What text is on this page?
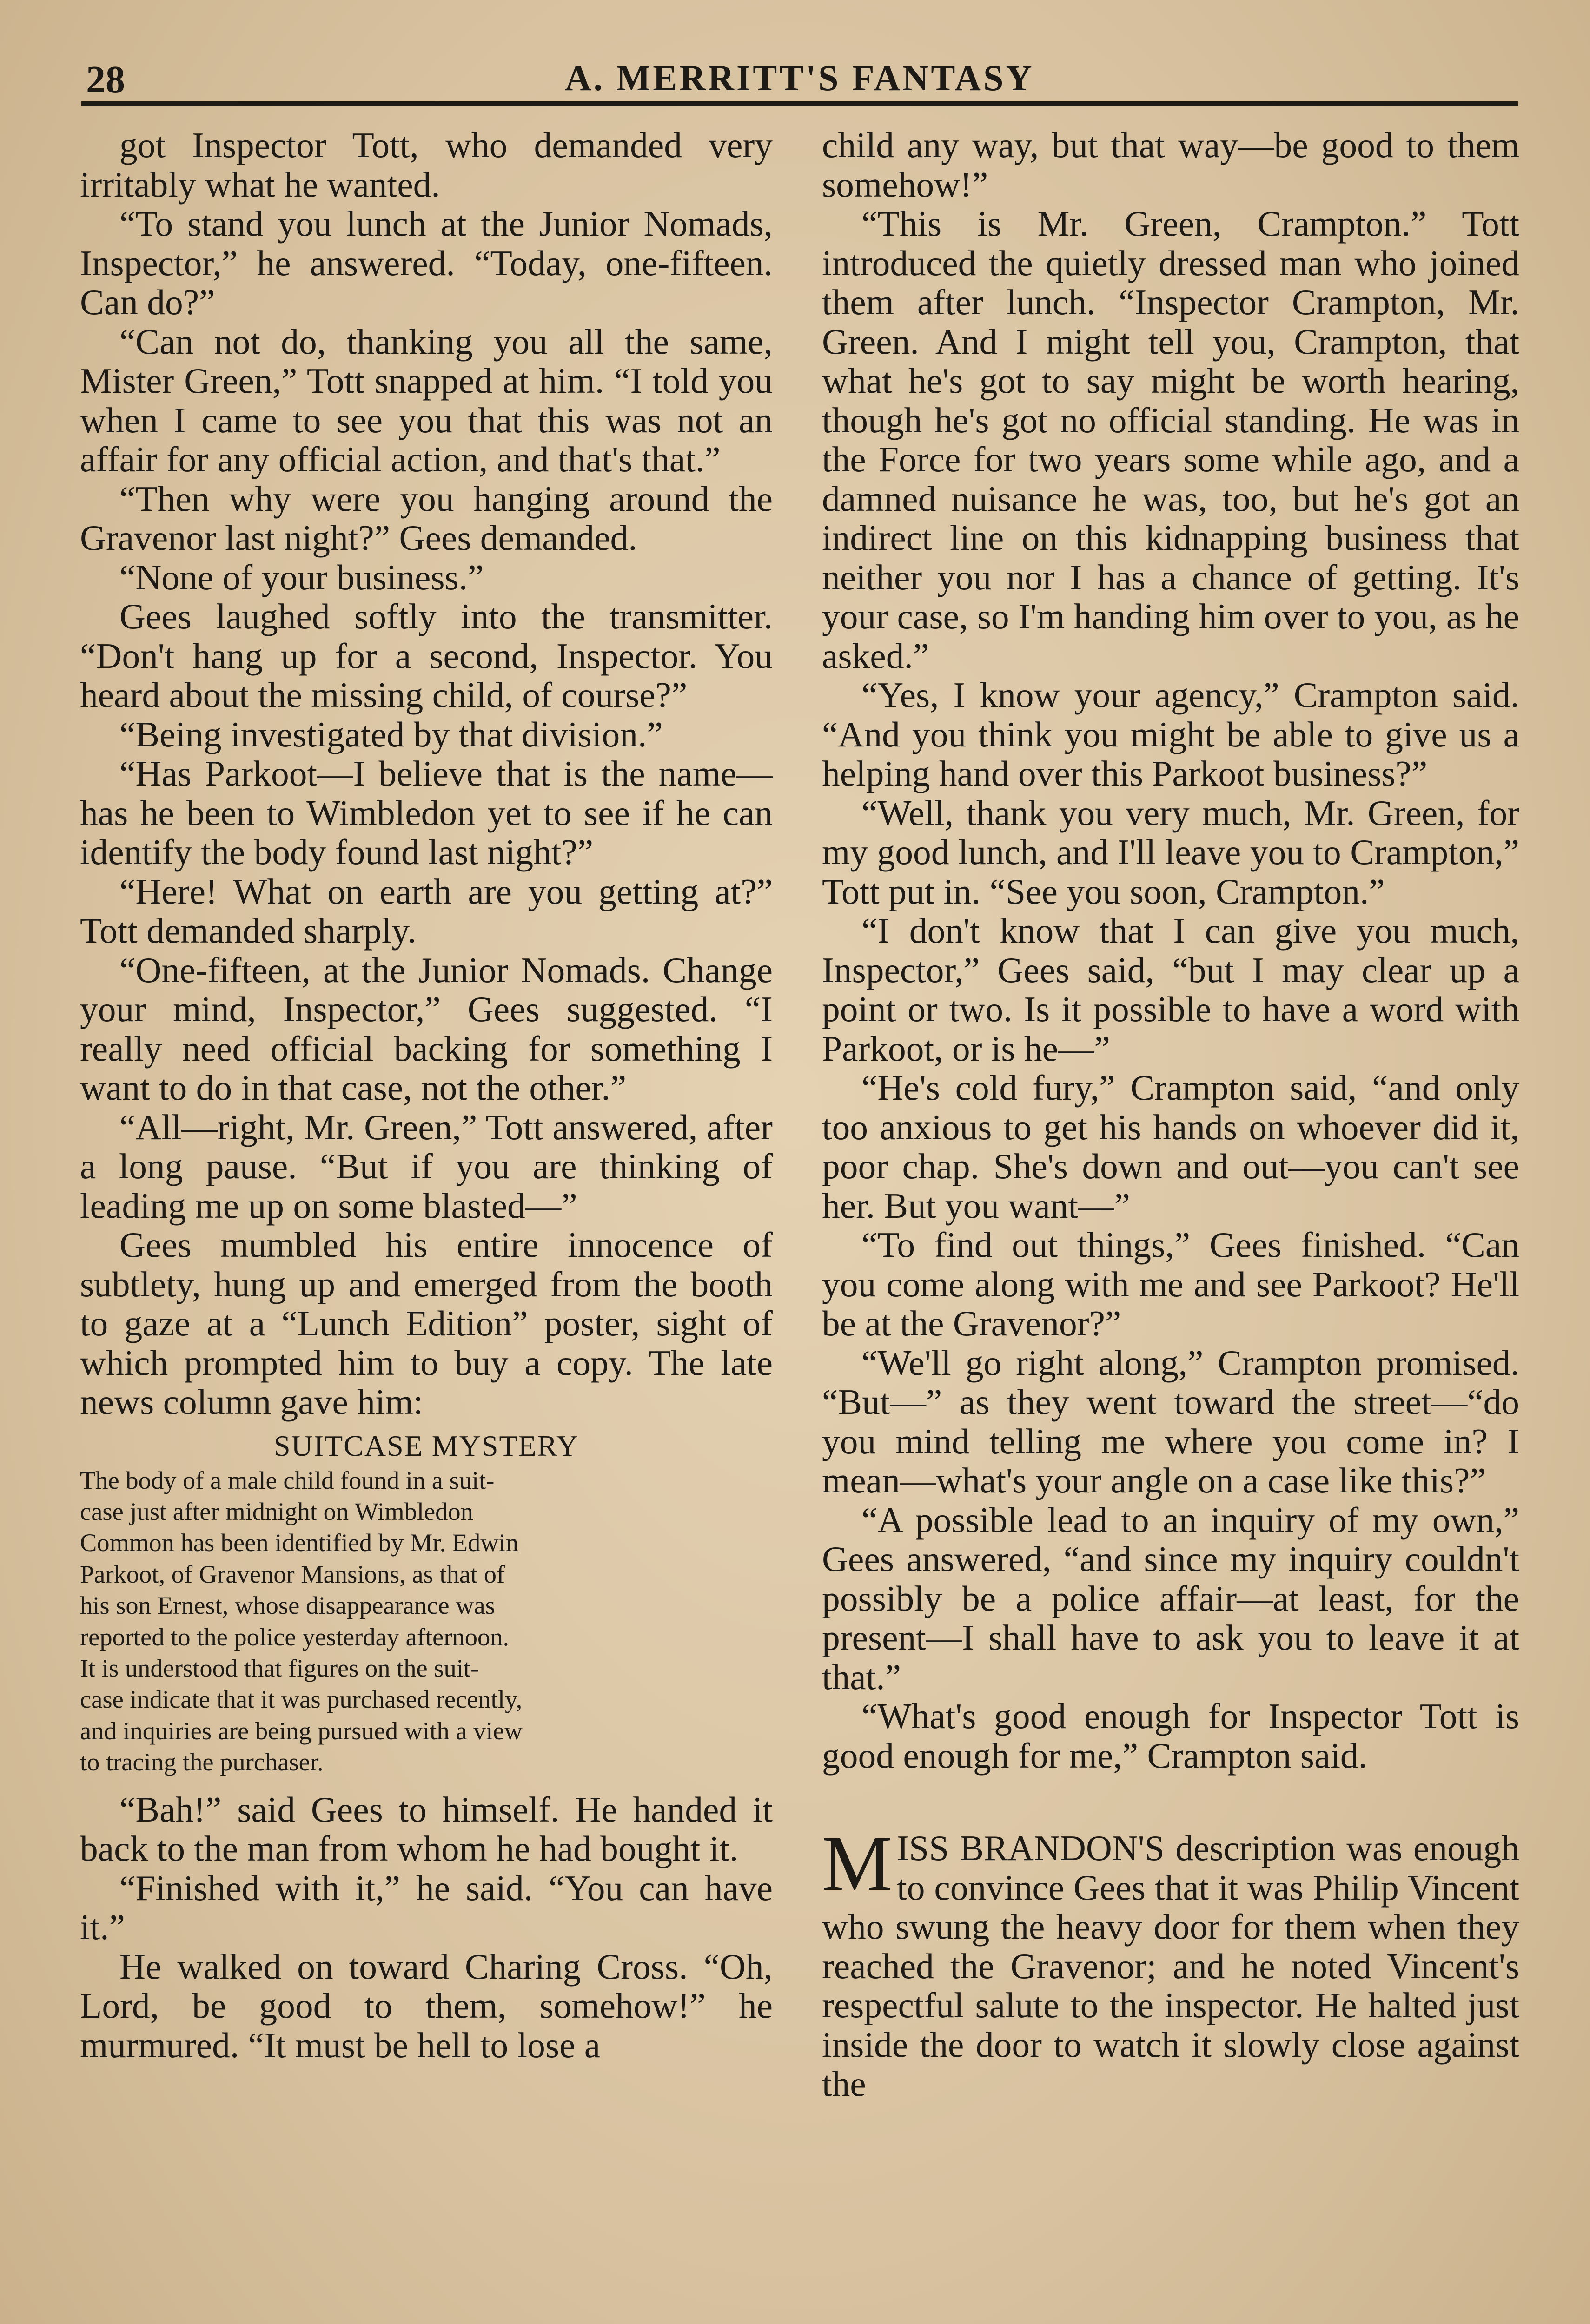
28	A. MERRITT'S FANTASY

got Inspector Tott, who demanded very irritably what he wanted.

“To stand you lunch at the Junior Nomads, Inspector,” he answered. “Today, one-fifteen. Can do?”

“Can not do, thanking you all the same, Mister Green,” Tott snapped at him. “I told you when I came to see you that this was not an affair for any official action, and that's that.”

“Then why were you hanging around the Gravenor last night?” Gees demanded.

“None of your business.”

Gees laughed softly into the transmitter. “Don't hang up for a second, Inspector. You heard about the missing child, of course?”

“Being investigated by that division.”

“Has Parkoot—I believe that is the name—has he been to Wimbledon yet to see if he can identify the body found last night?”

“Here! What on earth are you getting at?” Tott demanded sharply.

“One-fifteen, at the Junior Nomads. Change your mind, Inspector,” Gees suggested. “I really need official backing for something I want to do in that case, not the other.”

“All—right, Mr. Green,” Tott answered, after a long pause. “But if you are thinking of leading me up on some blasted—”

Gees mumbled his entire innocence of subtlety, hung up and emerged from the booth to gaze at a “Lunch Edition” poster, sight of which prompted him to buy a copy. The late news column gave him:

SUITCASE MYSTERY
The body of a male child found in a suit-
case just after midnight on Wimbledon
Common has been identified by Mr. Edwin
Parkoot, of Gravenor Mansions, as that of
his son Ernest, whose disappearance was
reported to the police yesterday afternoon.
It is understood that figures on the suit-
case indicate that it was purchased recently,
and inquiries are being pursued with a view
to tracing the purchaser.

“Bah!” said Gees to himself. He handed it back to the man from whom he had bought it.

“Finished with it,” he said. “You can have it.”

He walked on toward Charing Cross. “Oh, Lord, be good to them, somehow!” he murmured. “It must be hell to lose a

child any way, but that way—be good to them somehow!”

“This is Mr. Green, Crampton.” Tott introduced the quietly dressed man who joined them after lunch. “Inspector Crampton, Mr. Green. And I might tell you, Crampton, that what he's got to say might be worth hearing, though he's got no official standing. He was in the Force for two years some while ago, and a damned nuisance he was, too, but he's got an indirect line on this kidnapping business that neither you nor I has a chance of getting. It's your case, so I'm handing him over to you, as he asked.”

“Yes, I know your agency,” Crampton said. “And you think you might be able to give us a helping hand over this Parkoot business?”

“Well, thank you very much, Mr. Green, for my good lunch, and I'll leave you to Crampton,” Tott put in. “See you soon, Crampton.”

“I don't know that I can give you much, Inspector,” Gees said, “but I may clear up a point or two. Is it possible to have a word with Parkoot, or is he—”

“He's cold fury,” Crampton said, “and only too anxious to get his hands on whoever did it, poor chap. She's down and out—you can't see her. But you want—”

“To find out things,” Gees finished. “Can you come along with me and see Parkoot? He'll be at the Gravenor?”

“We'll go right along,” Crampton promised. “But—” as they went toward the street—“do you mind telling me where you come in? I mean—what's your angle on a case like this?”

“A possible lead to an inquiry of my own,” Gees answered, “and since my inquiry couldn't possibly be a police affair—at least, for the present—I shall have to ask you to leave it at that.”

“What's good enough for Inspector Tott is good enough for me,” Crampton said.

M ISS BRANDON'S description was enough to convince Gees that it was Philip Vincent who swung the heavy door for them when they reached the Gravenor; and he noted Vincent's respectful salute to the inspector. He halted just inside the door to watch it slowly close against the
